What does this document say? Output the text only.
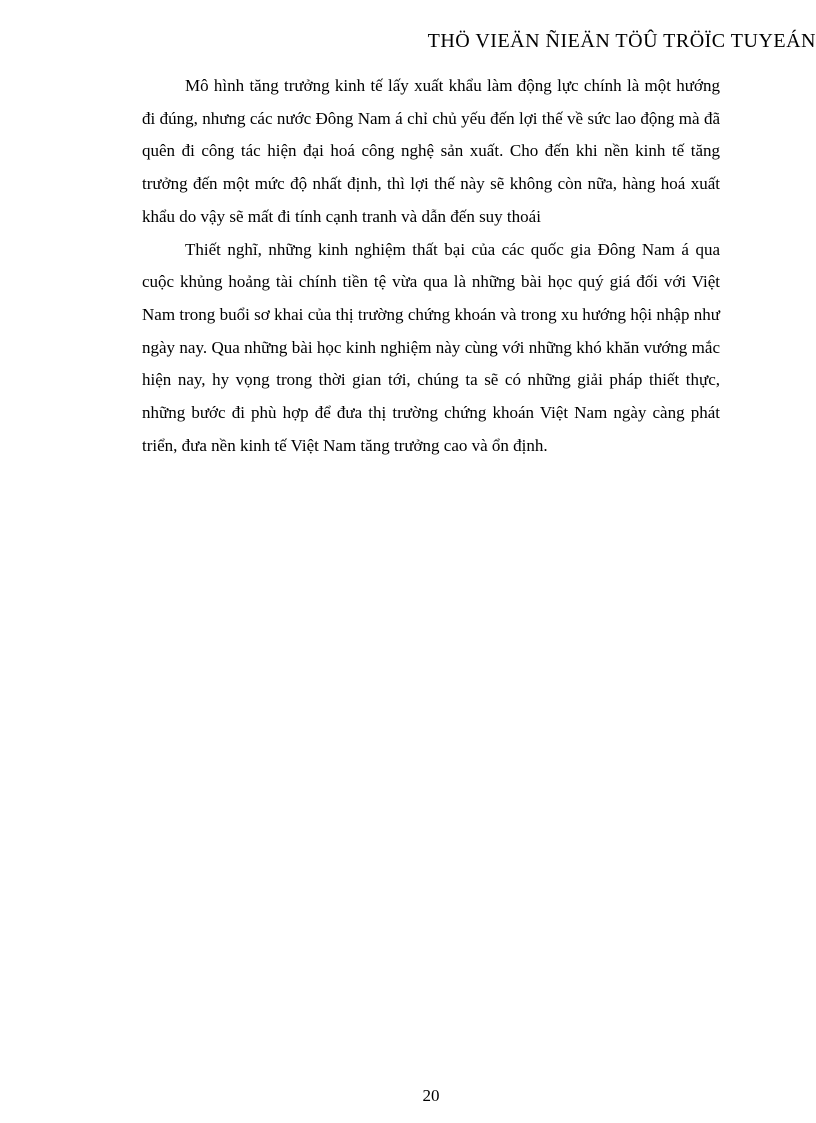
THÖ VIEÄN ÑIEÄN TÖÛ TRÖÏC TUYEÁN

Mô hình tăng trưởng kinh tế lấy xuất khẩu làm động lực chính là một hướng đi đúng, nhưng các nước Đông Nam á chỉ chủ yếu đến lợi thế về sức lao động mà đã quên đi công tác hiện đại hoá công nghệ sản xuất. Cho đến khi nền kinh tế tăng trưởng đến một mức độ nhất định, thì lợi thế này sẽ không còn nữa, hàng hoá xuất khẩu do vậy sẽ mất đi tính cạnh tranh và dẫn đến suy thoái

Thiết nghĩ, những kinh nghiệm thất bại của các quốc gia Đông Nam á qua cuộc khủng hoảng tài chính tiền tệ vừa qua là những bài học quý giá đối với Việt Nam trong buổi sơ khai của thị trường chứng khoán và trong xu hướng hội nhập như ngày nay. Qua những bài học kinh nghiệm này cùng với những khó khăn vướng mắc hiện nay, hy vọng trong thời gian tới, chúng ta sẽ có những giải pháp thiết thực, những bước đi phù hợp để đưa thị trường chứng khoán Việt Nam ngày càng phát triển, đưa nền kinh tế Việt Nam tăng trưởng cao và ổn định.

20
